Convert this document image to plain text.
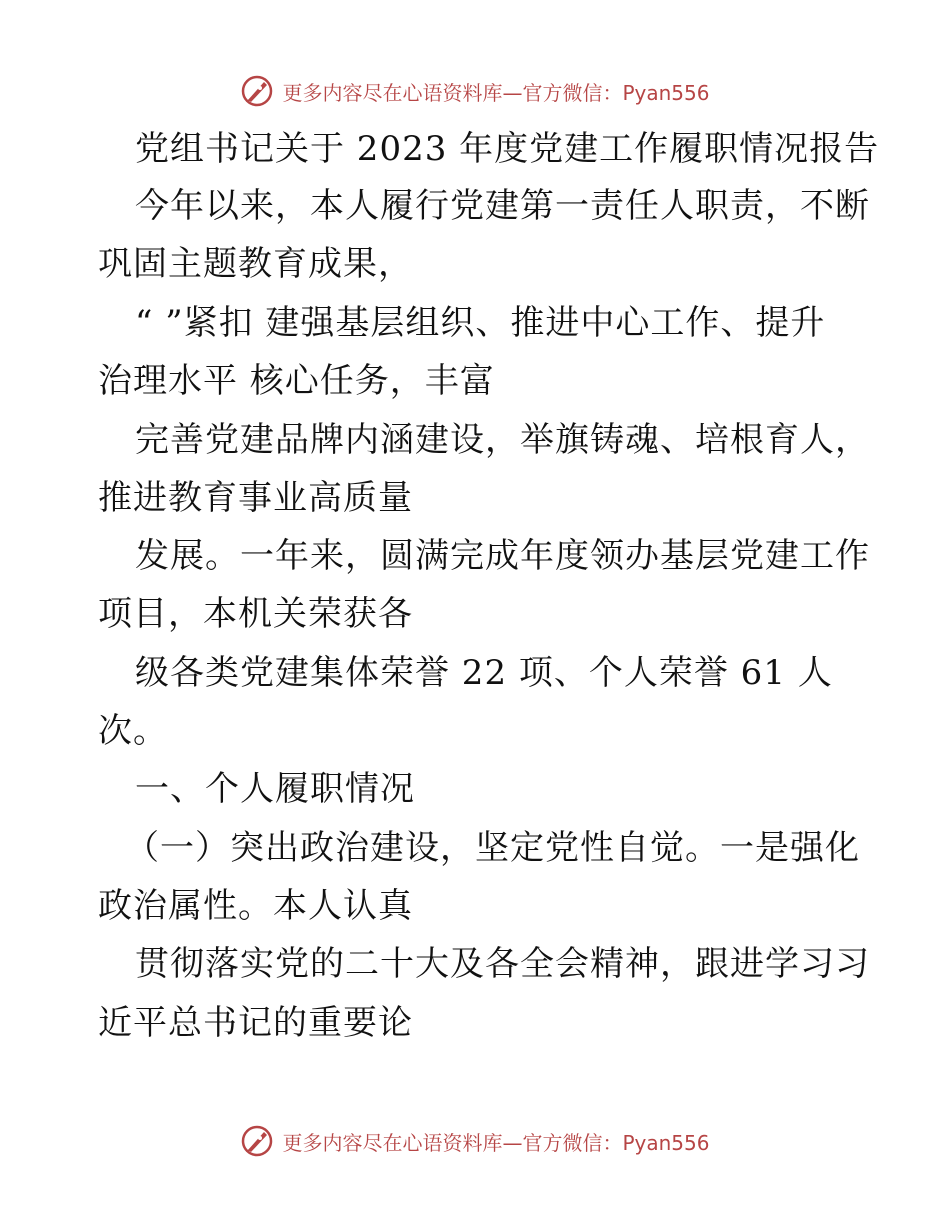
更多内容尽在心语资料库—官方微信：Pyan556
党组书记关于 2023 年度党建工作履职情况报告
今年以来，本人履行党建第一责任人职责，不断
巩固主题教育成果，
“ ”紧扣 建强基层组织、推进中心工作、提升
治理水平 核心任务，丰富
完善党建品牌内涵建设，举旗铸魂、培根育人，
推进教育事业高质量
发展。一年来，圆满完成年度领办基层党建工作
项目，本机关荣获各
级各类党建集体荣誉 22 项、个人荣誉 61 人
次。
一、个人履职情况
（一）突出政治建设，坚定党性自觉。一是强化
政治属性。本人认真
贯彻落实党的二十大及各全会精神，跟进学习习
近平总书记的重要论
更多内容尽在心语资料库—官方微信：Pyan556
